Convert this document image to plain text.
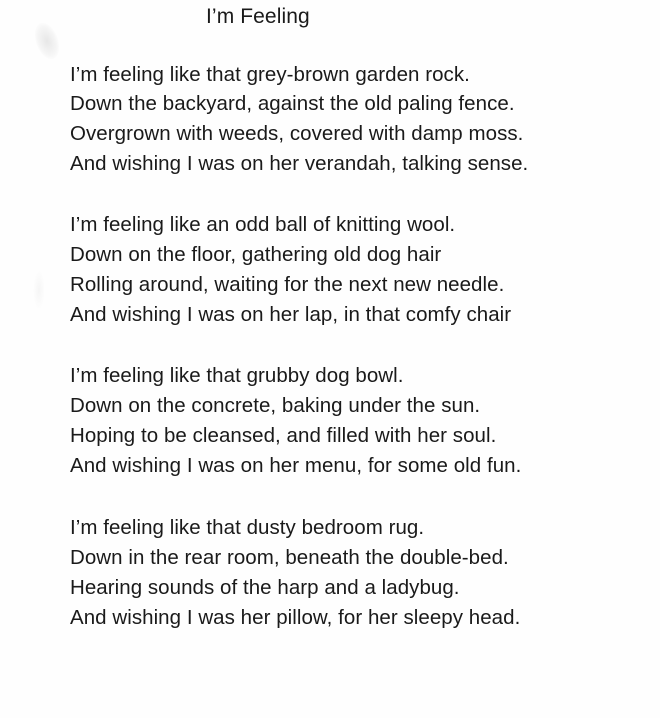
I’m Feeling
I’m feeling like that grey-brown garden rock.
Down the backyard, against the old paling fence.
Overgrown with weeds, covered with damp moss.
And wishing I was on her verandah, talking sense.
I’m feeling like an odd ball of knitting wool.
Down on the floor, gathering old dog hair
Rolling around, waiting for the next new needle.
And wishing I was on her lap, in that comfy chair
I’m feeling like that grubby dog bowl.
Down on the concrete, baking under the sun.
Hoping to be cleansed, and filled with her soul.
And wishing I was on her menu, for some old fun.
I’m feeling like that dusty bedroom rug.
Down in the rear room, beneath the double-bed.
Hearing sounds of the harp and a ladybug.
And wishing I was her pillow, for her sleepy head.
